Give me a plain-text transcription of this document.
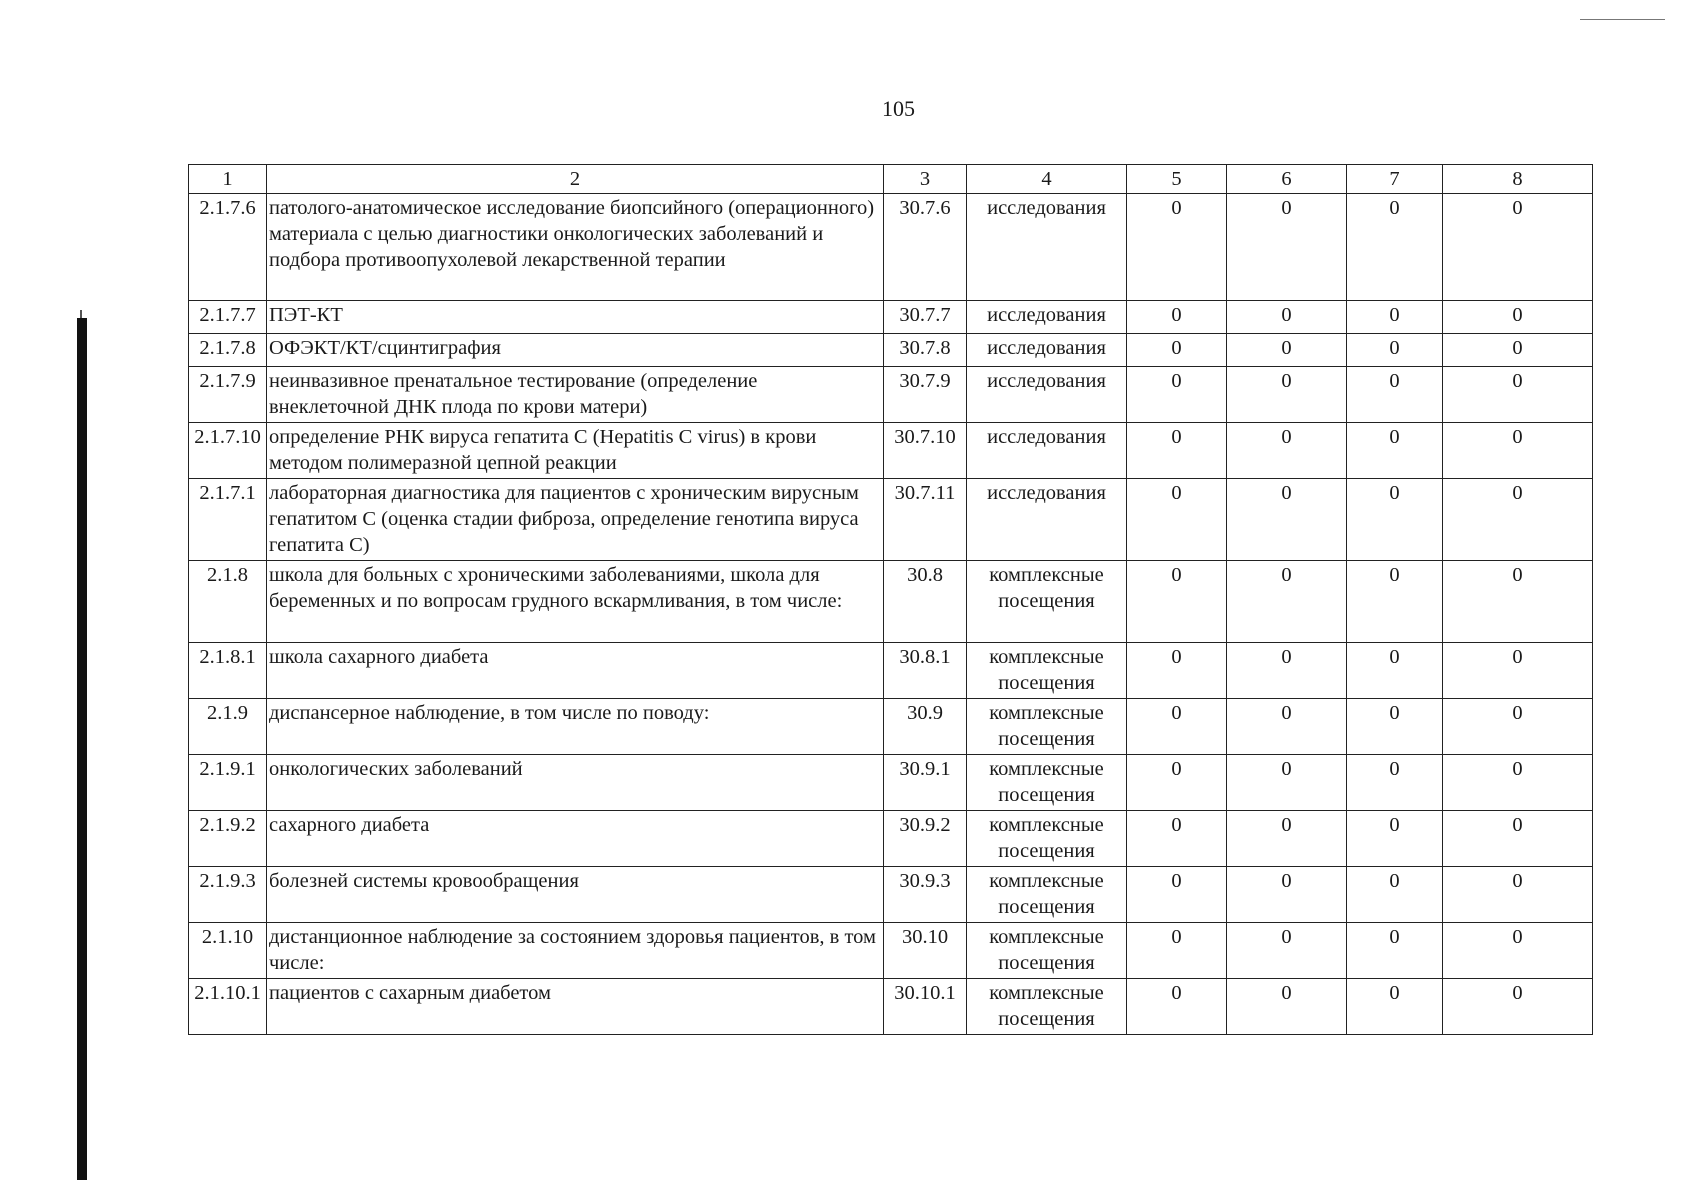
105
1	2	3	4	5	6	7	8
2.1.7.6	патолого-анатомическое исследование биопсийного (операционного) материала с целью диагностики онкологических заболеваний и подбора противоопухолевой лекарственной терапии	30.7.6	исследования	0	0	0	0
2.1.7.7	ПЭТ-КТ	30.7.7	исследования	0	0	0	0
2.1.7.8	ОФЭКТ/КТ/сцинтиграфия	30.7.8	исследования	0	0	0	0
2.1.7.9	неинвазивное пренатальное тестирование (определение внеклеточной ДНК плода по крови матери)	30.7.9	исследования	0	0	0	0
2.1.7.10	определение РНК вируса гепатита С (Hepatitis C virus) в крови методом полимеразной цепной реакции	30.7.10	исследования	0	0	0	0
2.1.7.1	лабораторная диагностика для пациентов с хроническим вирусным гепатитом С (оценка стадии фиброза, определение генотипа вируса гепатита С)	30.7.11	исследования	0	0	0	0
2.1.8	школа для больных с хроническими заболеваниями, школа для беременных и по вопросам грудного вскармливания, в том числе:	30.8	комплексные посещения	0	0	0	0
2.1.8.1	школа сахарного диабета	30.8.1	комплексные посещения	0	0	0	0
2.1.9	диспансерное наблюдение, в том числе по поводу:	30.9	комплексные посещения	0	0	0	0
2.1.9.1	онкологических заболеваний	30.9.1	комплексные посещения	0	0	0	0
2.1.9.2	сахарного диабета	30.9.2	комплексные посещения	0	0	0	0
2.1.9.3	болезней системы кровообращения	30.9.3	комплексные посещения	0	0	0	0
2.1.10	дистанционное наблюдение за состоянием здоровья пациентов, в том числе:	30.10	комплексные посещения	0	0	0	0
2.1.10.1	пациентов с сахарным диабетом	30.10.1	комплексные посещения	0	0	0	0
